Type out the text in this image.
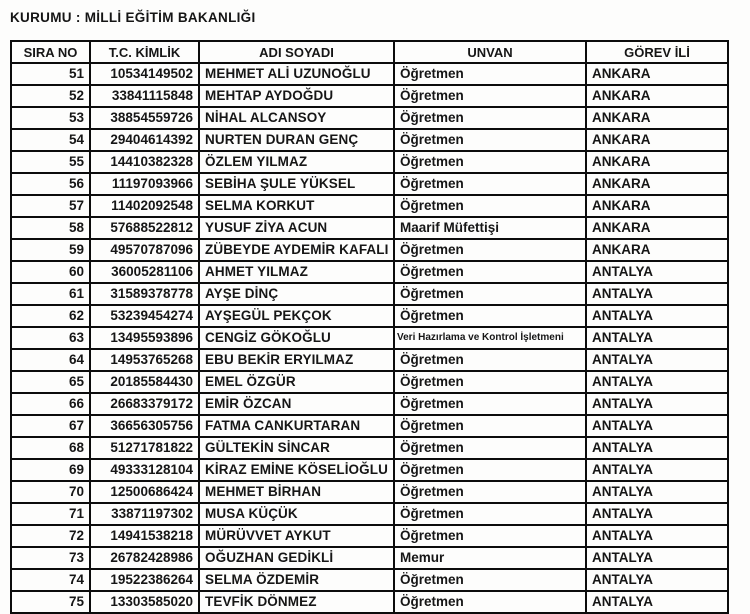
KURUMU : MİLLİ EĞİTİM BAKANLIĞI
SIRA NO	T.C. KİMLİK	ADI SOYADI	UNVAN	GÖREV İLİ
51	10534149502	MEHMET ALİ UZUNOĞLU	Öğretmen	ANKARA
52	33841115848	MEHTAP AYDOĞDU	Öğretmen	ANKARA
53	38854559726	NİHAL ALCANSOY	Öğretmen	ANKARA
54	29404614392	NURTEN DURAN GENÇ	Öğretmen	ANKARA
55	14410382328	ÖZLEM YILMAZ	Öğretmen	ANKARA
56	11197093966	SEBİHA ŞULE YÜKSEL	Öğretmen	ANKARA
57	11402092548	SELMA KORKUT	Öğretmen	ANKARA
58	57688522812	YUSUF ZİYA ACUN	Maarif Müfettişi	ANKARA
59	49570787096	ZÜBEYDE AYDEMİR KAFALI	Öğretmen	ANKARA
60	36005281106	AHMET YILMAZ	Öğretmen	ANTALYA
61	31589378778	AYŞE DİNÇ	Öğretmen	ANTALYA
62	53239454274	AYŞEGÜL PEKÇOK	Öğretmen	ANTALYA
63	13495593896	CENGİZ GÖKOĞLU	Veri Hazırlama ve Kontrol İşletmeni	ANTALYA
64	14953765268	EBU BEKİR ERYILMAZ	Öğretmen	ANTALYA
65	20185584430	EMEL ÖZGÜR	Öğretmen	ANTALYA
66	26683379172	EMİR ÖZCAN	Öğretmen	ANTALYA
67	36656305756	FATMA CANKURTARAN	Öğretmen	ANTALYA
68	51271781822	GÜLTEKİN SİNCAR	Öğretmen	ANTALYA
69	49333128104	KİRAZ EMİNE KÖSELİOĞLU	Öğretmen	ANTALYA
70	12500686424	MEHMET BİRHAN	Öğretmen	ANTALYA
71	33871197302	MUSA KÜÇÜK	Öğretmen	ANTALYA
72	14941538218	MÜRÜVVET AYKUT	Öğretmen	ANTALYA
73	26782428986	OĞUZHAN GEDİKLİ	Memur	ANTALYA
74	19522386264	SELMA ÖZDEMİR	Öğretmen	ANTALYA
75	13303585020	TEVFİK DÖNMEZ	Öğretmen	ANTALYA
